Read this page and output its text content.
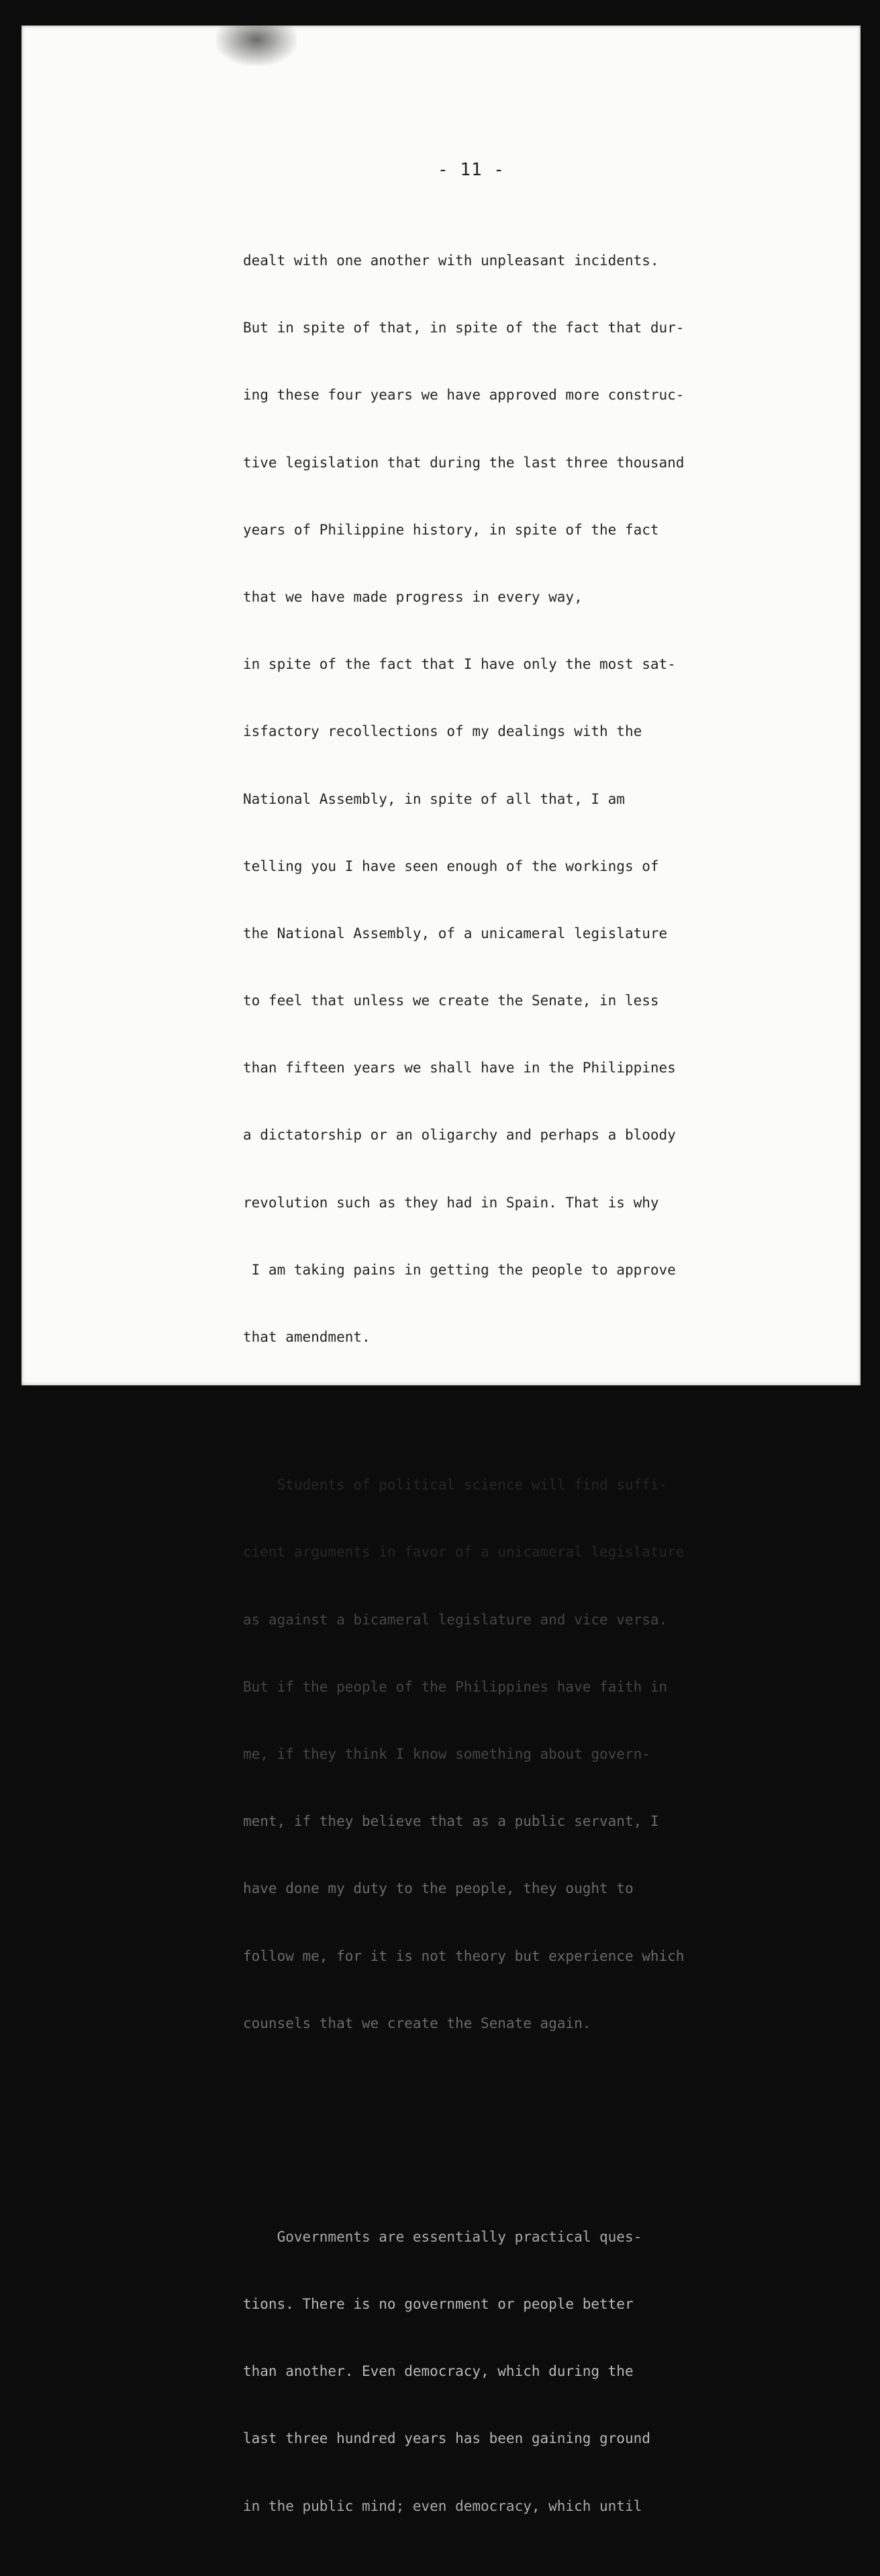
- 11 -

dealt with one another with unpleasant incidents.

But in spite of that, in spite of the fact that dur-

ing these four years we have approved more construc-

tive legislation that during the last three thousand

years of Philippine history, in spite of the fact

that we have made progress in every way,

in spite of the fact that I have only the most sat-

isfactory recollections of my dealings with the

National Assembly, in spite of all that, I am

telling you I have seen enough of the workings of

the National Assembly, of a unicameral legislature

to feel that unless we create the Senate, in less

than fifteen years we shall have in the Philippines

a dictatorship or an oligarchy and perhaps a bloody

revolution such as they had in Spain. That is why

I am taking pains in getting the people to approve

that amendment.

Students of political science will find suffi-

cient arguments in favor of a unicameral legislature

as against a bicameral legislature and vice versa.

But if the people of the Philippines have faith in

me, if they think I know something about govern-

ment, if they believe that as a public servant, I

have done my duty to the people, they ought to

follow me, for it is not theory but experience which

counsels that we create the Senate again.

Governments are essentially practical ques-

tions. There is no government or people better

than another. Even democracy, which during the

last three hundred years has been gaining ground

in the public mind; even democracy, which until
